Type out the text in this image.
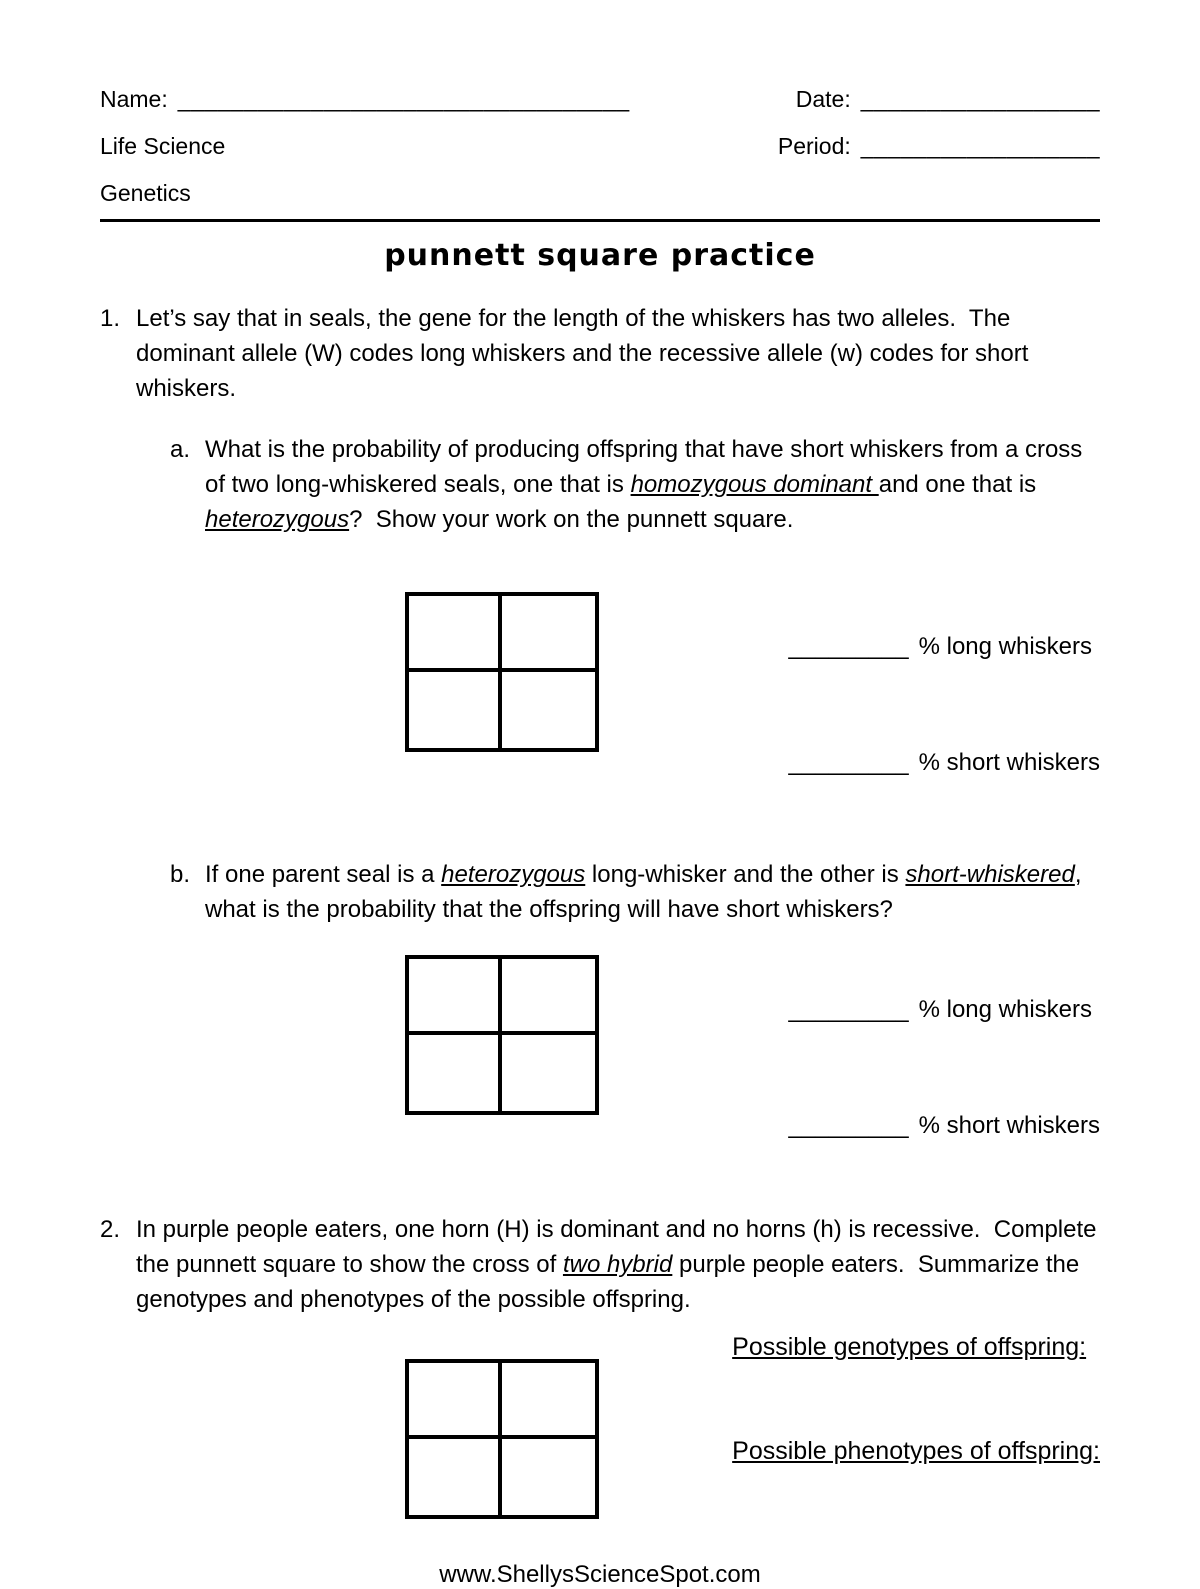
Name: __________________________________	Date: __________________
Life Science	Period: __________________
Genetics
punnett square practice
1. Let’s say that in seals, the gene for the length of the whiskers has two alleles.  The dominant allele (W) codes long whiskers and the recessive allele (w) codes for short whiskers.

a. What is the probability of producing offspring that have short whiskers from a cross of two long-whiskered seals, one that is homozygous dominant and one that is heterozygous?  Show your work on the punnett square.

_________ % long whiskers

_________ % short whiskers

b. If one parent seal is a heterozygous long-whisker and the other is short-whiskered, what is the probability that the offspring will have short whiskers?

_________ % long whiskers

_________ % short whiskers

2. In purple people eaters, one horn (H) is dominant and no horns (h) is recessive.  Complete the punnett square to show the cross of two hybrid purple people eaters.  Summarize the genotypes and phenotypes of the possible offspring.

Possible genotypes of offspring:
Possible phenotypes of offspring:
www.ShellysScienceSpot.com
